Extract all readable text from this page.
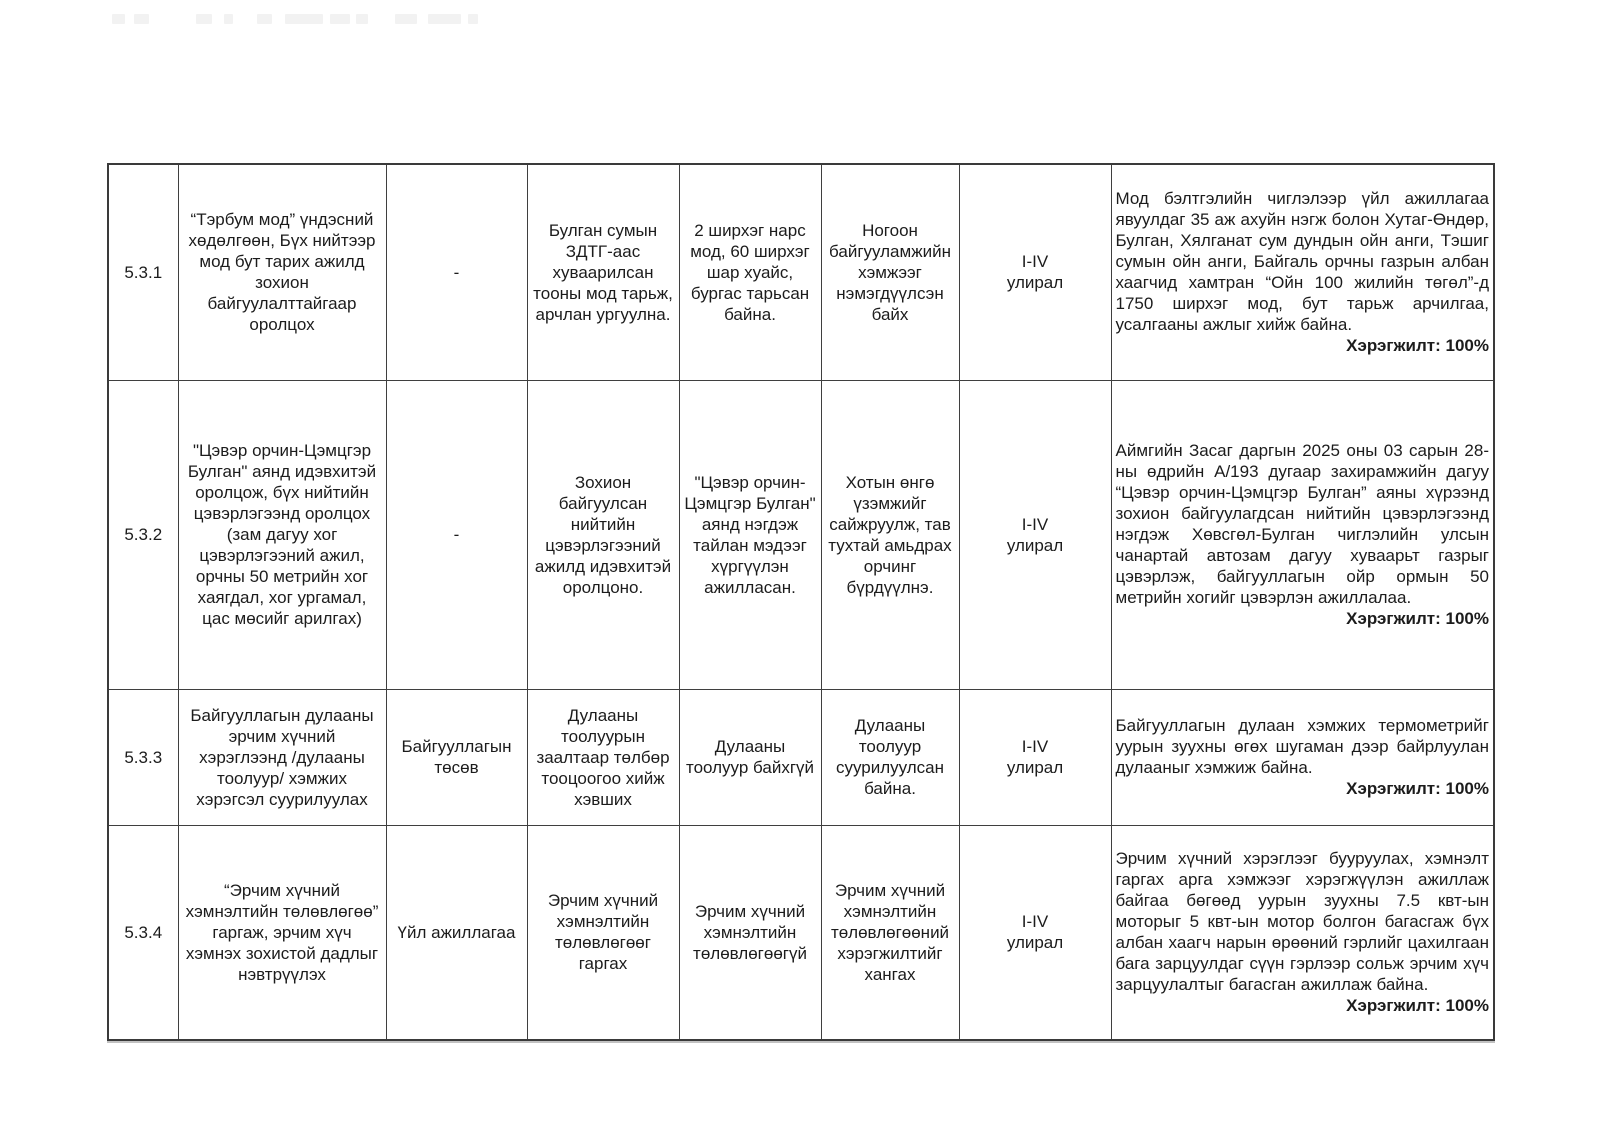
5.3.1	“Тэрбум мод” үндэсний хөдөлгөөн, Бүх нийтээр мод бут тарих ажилд зохион байгуулалттайгаар оролцох	-	Булган сумын ЗДТГ-аас хуваарилсан тооны мод тарьж, арчлан ургуулна.	2 ширхэг нарс мод, 60 ширхэг шар хуайс, бургас тарьсан байна.	Ногоон байгууламжийн хэмжээг нэмэгдүүлсэн байх	I-IV
улирал	
Мод бэлтгэлийн чиглэлээр үйл ажиллагаа явуулдаг 35 аж ахуйн нэгж болон Хутаг-Өндөр, Булган, Хялганат сум дундын ойн анги, Тэшиг сумын ойн анги, Байгаль орчны газрын албан хаагчид хамтран “Ойн 100 жилийн төгөл”-д 1750 ширхэг мод, бут тарьж арчилгаа, усалгааны ажлыг хийж байна.
Хэрэгжилт: 100%

5.3.2	"Цэвэр орчин-Цэмцгэр Булган" аянд идэвхитэй оролцож, бүх нийтийн цэвэрлэгээнд оролцох (зам дагуу хог цэвэрлэгээний ажил, орчны 50 метрийн хог хаягдал, хог ургамал, цас мөсийг арилгах)	-	Зохион байгуулсан нийтийн цэвэрлэгээний ажилд идэвхитэй оролцоно.	"Цэвэр орчин-Цэмцгэр Булган" аянд нэгдэж тайлан мэдээг хүргүүлэн ажилласан.	Хотын өнгө үзэмжийг сайжруулж, тав тухтай амьдрах орчинг бүрдүүлнэ.	I-IV
улирал	
Аймгийн Засаг даргын 2025 оны 03 сарын 28-ны өдрийн А/193 дугаар захирамжийн дагуу “Цэвэр орчин-Цэмцгэр Булган” аяны хүрээнд зохион байгуулагдсан нийтийн цэвэрлэгээнд нэгдэж Хөвсгөл-Булган чиглэлийн улсын чанартай автозам дагуу хуваарьт газрыг цэвэрлэж, байгууллагын ойр ормын 50 метрийн хогийг цэвэрлэн ажиллалаа.
Хэрэгжилт: 100%

5.3.3	Байгууллагын дулааны эрчим хүчний хэрэглээнд /дулааны тоолуур/ хэмжих хэрэгсэл суурилуулах	Байгууллагын төсөв	Дулааны тоолуурын заалтаар төлбөр тооцоогоо хийж хэвших	Дулааны тоолуур байхгүй	Дулааны тоолуур суурилуулсан байна.	I-IV
улирал	
Байгууллагын дулаан хэмжих термометрийг уурын зуухны өгөх шугаман дээр байрлуулан дулааныг хэмжиж байна.
Хэрэгжилт: 100%

5.3.4	“Эрчим хүчний хэмнэлтийн төлөвлөгөө” гаргаж, эрчим хүч хэмнэх зохистой дадлыг нэвтрүүлэх	Үйл ажиллагаа	Эрчим хүчний хэмнэлтийн төлөвлөгөөг гаргах	Эрчим хүчний хэмнэлтийн төлөвлөгөөгүй	Эрчим хүчний хэмнэлтийн төлөвлөгөөний хэрэгжилтийг хангах	I-IV
улирал	
Эрчим хүчний хэрэглээг бууруулах, хэмнэлт гаргах арга хэмжээг хэрэгжүүлэн ажиллаж байгаа бөгөөд уурын зуухны 7.5 квт-ын моторыг 5 квт-ын мотор болгон багасгаж бүх албан хаагч нарын өрөөний гэрлийг цахилгаан бага зарцуулдаг сүүн гэрлээр сольж эрчим хүч зарцуулалтыг багасган ажиллаж байна.
Хэрэгжилт: 100%
